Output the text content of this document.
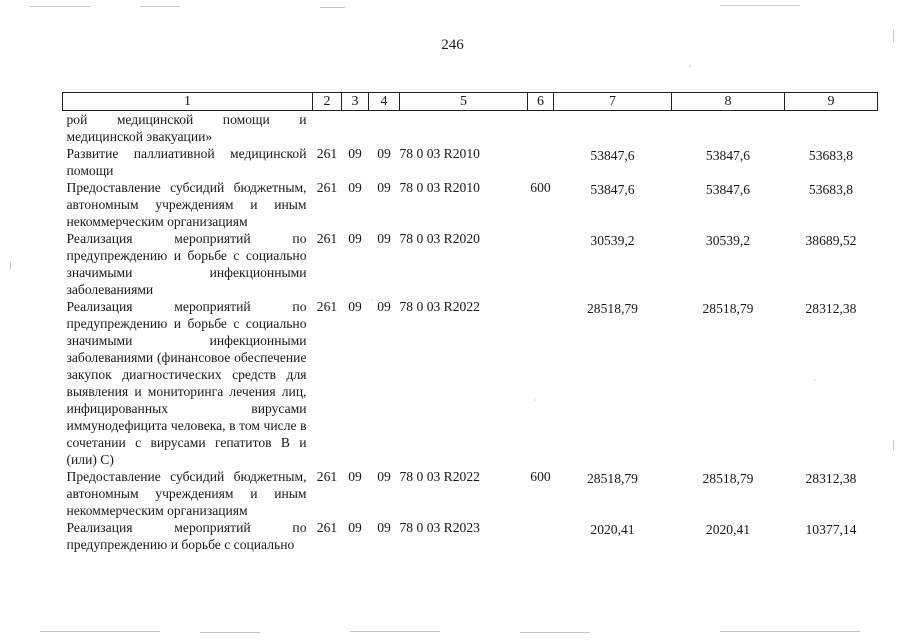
246
1	2	3	4	5	6	7	8	9
рой медицинской помощи и медицинской эвакуации»								
Развитие паллиативной медицинской помощи	261	09	09	78 0 03 R2010		53847,6	53847,6	53683,8
Предоставление субсидий бюджетным, автономным учреждениям и иным некоммерческим организациям	261	09	09	78 0 03 R2010	600	53847,6	53847,6	53683,8
Реализация мероприятий по предупреждению и борьбе с социально значимыми инфекционными заболеваниями	261	09	09	78 0 03 R2020		30539,2	30539,2	38689,52
Реализация мероприятий по предупреждению и борьбе с социально значимыми инфекционными заболеваниями (финансовое обеспечение закупок диагностических средств для выявления и мониторинга лечения лиц, инфицированных вирусами иммунодефицита человека, в том числе в сочетании с вирусами гепатитов В и (или) С)	261	09	09	78 0 03 R2022		28518,79	28518,79	28312,38
Предоставление субсидий бюджетным, автономным учреждениям и иным некоммерческим организациям	261	09	09	78 0 03 R2022	600	28518,79	28518,79	28312,38
Реализация мероприятий по предупреждению и борьбе с социально	261	09	09	78 0 03 R2023		2020,41	2020,41	10377,14
